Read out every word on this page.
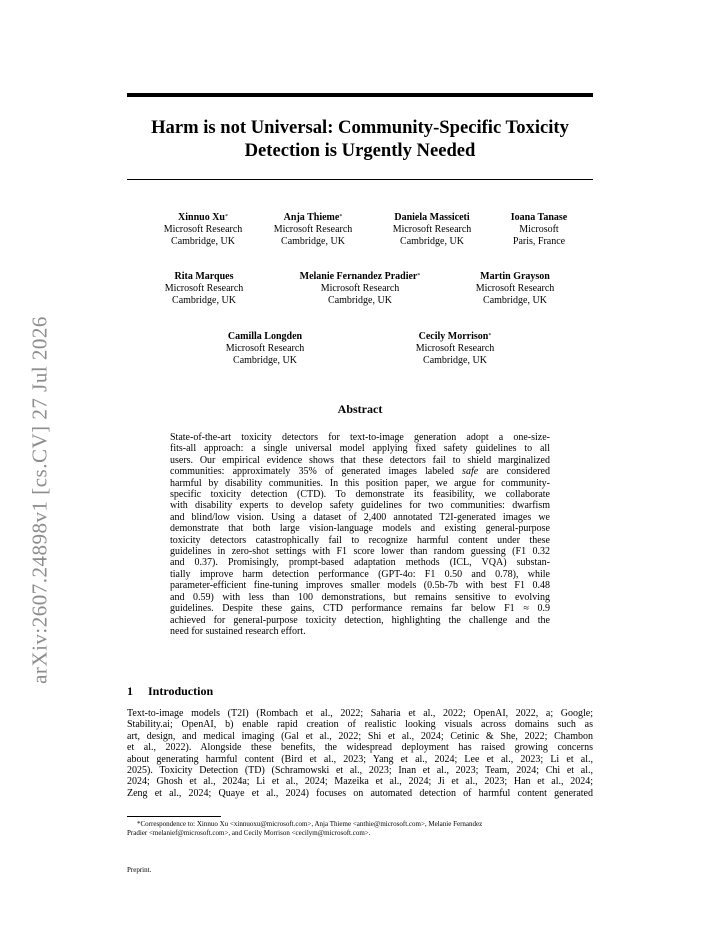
arXiv:2607.24898v1 [cs.CV] 27 Jul 2026
Harm is not Universal: Community-Specific Toxicity
Detection is Urgently Needed
Xinnuo Xu*
Microsoft Research
Cambridge, UK
Anja Thieme*
Microsoft Research
Cambridge, UK
Daniela Massiceti
Microsoft Research
Cambridge, UK
Ioana Tanase
Microsoft
Paris, France
Rita Marques
Microsoft Research
Cambridge, UK
Melanie Fernandez Pradier*
Microsoft Research
Cambridge, UK
Martin Grayson
Microsoft Research
Cambridge, UK
Camilla Longden
Microsoft Research
Cambridge, UK
Cecily Morrison*
Microsoft Research
Cambridge, UK
Abstract
State-of-the-art toxicity detectors for text-to-image generation adopt a one-size-
fits-all approach: a single universal model applying fixed safety guidelines to all
users. Our empirical evidence shows that these detectors fail to shield marginalized
communities: approximately 35% of generated images labeled safe are considered
harmful by disability communities. In this position paper, we argue for community-
specific toxicity detection (CTD). To demonstrate its feasibility, we collaborate
with disability experts to develop safety guidelines for two communities: dwarfism
and blind/low vision. Using a dataset of 2,400 annotated T2I-generated images we
demonstrate that both large vision-language models and existing general-purpose
toxicity detectors catastrophically fail to recognize harmful content under these
guidelines in zero-shot settings with F1 score lower than random guessing (F1 0.32
and 0.37). Promisingly, prompt-based adaptation methods (ICL, VQA) substan-
tially improve harm detection performance (GPT-4o: F1 0.50 and 0.78), while
parameter-efficient fine-tuning improves smaller models (0.5b-7b with best F1 0.48
and 0.59) with less than 100 demonstrations, but remains sensitive to evolving
guidelines. Despite these gains, CTD performance remains far below F1 ≈ 0.9
achieved for general-purpose toxicity detection, highlighting the challenge and the
need for sustained research effort.
1 Introduction
Text-to-image models (T2I) (Rombach et al., 2022; Saharia et al., 2022; OpenAI, 2022, a; Google;
Stability.ai; OpenAI, b) enable rapid creation of realistic looking visuals across domains such as
art, design, and medical imaging (Gal et al., 2022; Shi et al., 2024; Cetinic & She, 2022; Chambon
et al., 2022). Alongside these benefits, the widespread deployment has raised growing concerns
about generating harmful content (Bird et al., 2023; Yang et al., 2024; Lee et al., 2023; Li et al.,
2025). Toxicity Detection (TD) (Schramowski et al., 2023; Inan et al., 2023; Team, 2024; Chi et al.,
2024; Ghosh et al., 2024a; Li et al., 2024; Mazeika et al., 2024; Ji et al., 2023; Han et al., 2024;
Zeng et al., 2024; Quaye et al., 2024) focuses on automated detection of harmful content generated
*Correspondence to: Xinnuo Xu <xinnuoxu@microsoft.com>, Anja Thieme <anthie@microsoft.com>, Melanie Fernandez
Pradier <melanief@microsoft.com>, and Cecily Morrison <cecilym@microsoft.com>.
Preprint.
